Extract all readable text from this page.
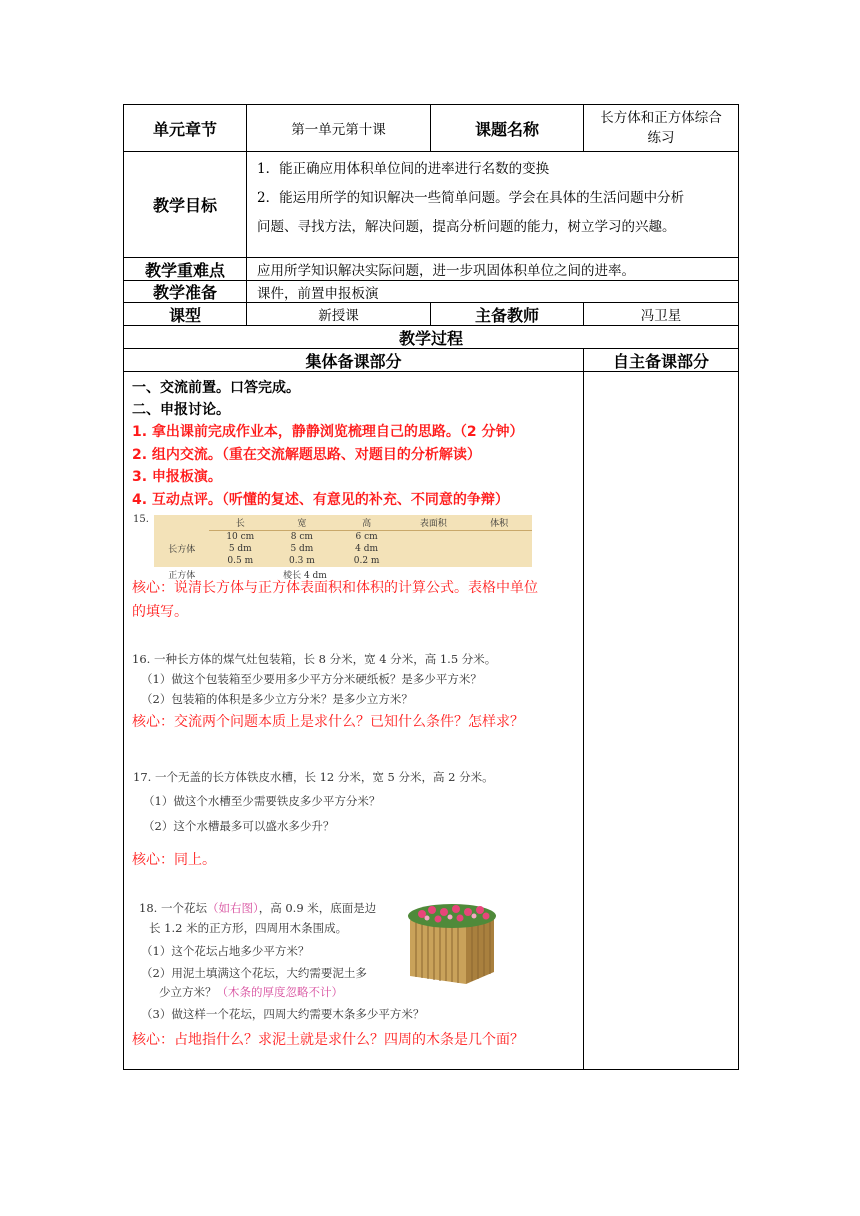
单元章节	第一单元第十课	课题名称
长方体和正方体综合
练习
教学目标
1．能正确应用体积单位间的进率进行名数的变换
2．能运用所学的知识解决一些简单问题。学会在具体的生活问题中分析
问题、寻找方法，解决问题，提高分析问题的能力，树立学习的兴趣。
教学重难点	应用所学知识解决实际问题，进一步巩固体积单位之间的进率。
教学准备	课件，前置申报板演
课型	新授课	主备教师	冯卫星
教学过程
集体备课部分	自主备课部分
一、交流前置。口答完成。
二、申报讨论。
1. 拿出课前完成作业本，静静浏览梳理自己的思路。（2 分钟）
2. 组内交流。（重在交流解题思路、对题目的分析解读）
3. 申报板演。
4. 互动点评。（听懂的复述、有意见的补充、不同意的争辩）
15.
		长	宽	高	表面积	体积
长方体	10 cm	8 cm	6 cm		
	5 dm	5 dm	4 dm		
	0.5 m	0.3 m	0.2 m		
正方体	棱长 4 dm				
核心：说清长方体与正方体表面积和体积的计算公式。表格中单位
的填写。
16. 一种长方体的煤气灶包装箱，长 8 分米，宽 4 分米，高 1.5 分米。
（1）做这个包装箱至少要用多少平方分米硬纸板？是多少平方米？
（2）包装箱的体积是多少立方分米？是多少立方米？
核心：交流两个问题本质上是求什么？已知什么条件？怎样求？
17. 一个无盖的长方体铁皮水槽，长 12 分米，宽 5 分米，高 2 分米。
（1）做这个水槽至少需要铁皮多少平方分米？
（2）这个水槽最多可以盛水多少升？
核心：同上。
18. 一个花坛（如右图），高 0.9 米，底面是边
长 1.2 米的正方形，四周用木条围成。
（1）这个花坛占地多少平方米？
（2）用泥土填满这个花坛，大约需要泥土多
少立方米？（木条的厚度忽略不计）
（3）做这样一个花坛，四周大约需要木条多少平方米？
核心：占地指什么？求泥土就是求什么？四周的木条是几个面？
